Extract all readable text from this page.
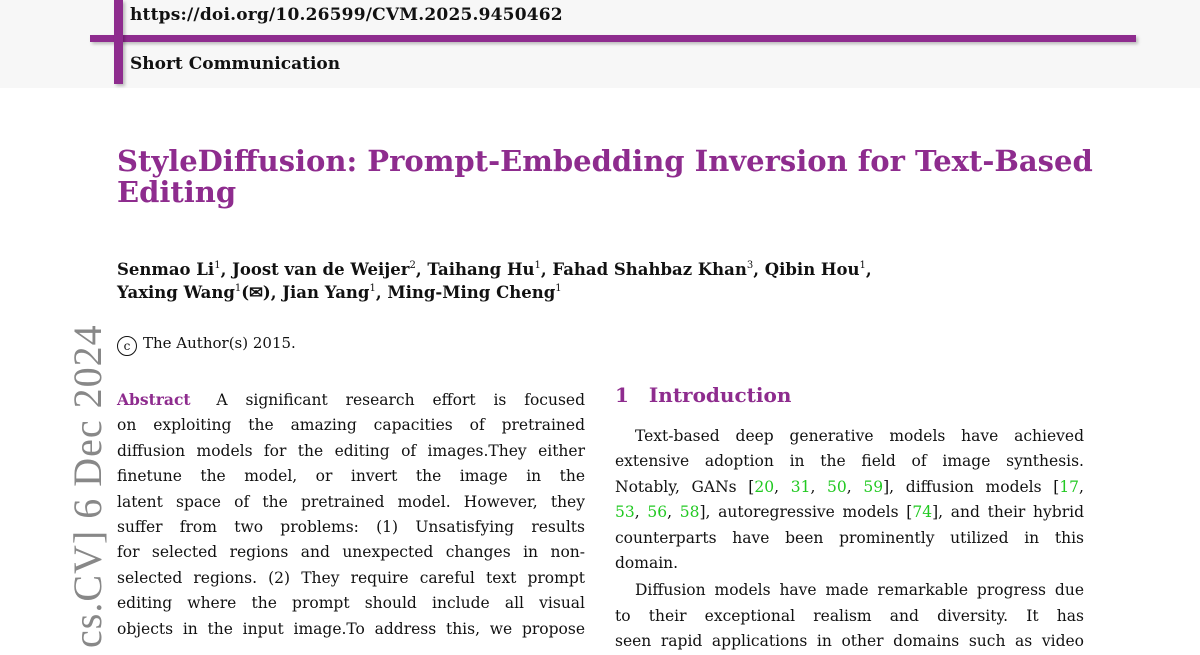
https://doi.org/10.26599/CVM.2025.9450462
Short Communication
StyleDiffusion: Prompt-Embedding Inversion for Text-Based
Editing
Senmao Li$^1$, Joost van de Weijer$^2$, Taihang Hu$^1$, Fahad Shahbaz Khan$^3$, Qibin Hou$^1$,
Yaxing Wang$^1$(✉), Jian Yang$^1$, Ming-Ming Cheng$^1$
c The Author(s) 2015.
cs.CV] 6 Dec 2024 Abstract A significant research effort is focused
on exploiting the amazing capacities of pretrained
diffusion models for the editing of images.They either
finetune the model, or invert the image in the
latent space of the pretrained model. However, they
suffer from two problems: (1) Unsatisfying results
for selected regions and unexpected changes in non-
selected regions. (2) They require careful text prompt
editing where the prompt should include all visual
objects in the input image.To address this, we propose
1 Introduction
Text-based deep generative models have achieved
extensive adoption in the field of image synthesis.
Notably, GANs [20, 31, 50, 59], diffusion models [17,
53, 56, 58], autoregressive models [74], and their hybrid
counterparts have been prominently utilized in this
domain.
Diffusion models have made remarkable progress due
to their exceptional realism and diversity. It has
seen rapid applications in other domains such as video
